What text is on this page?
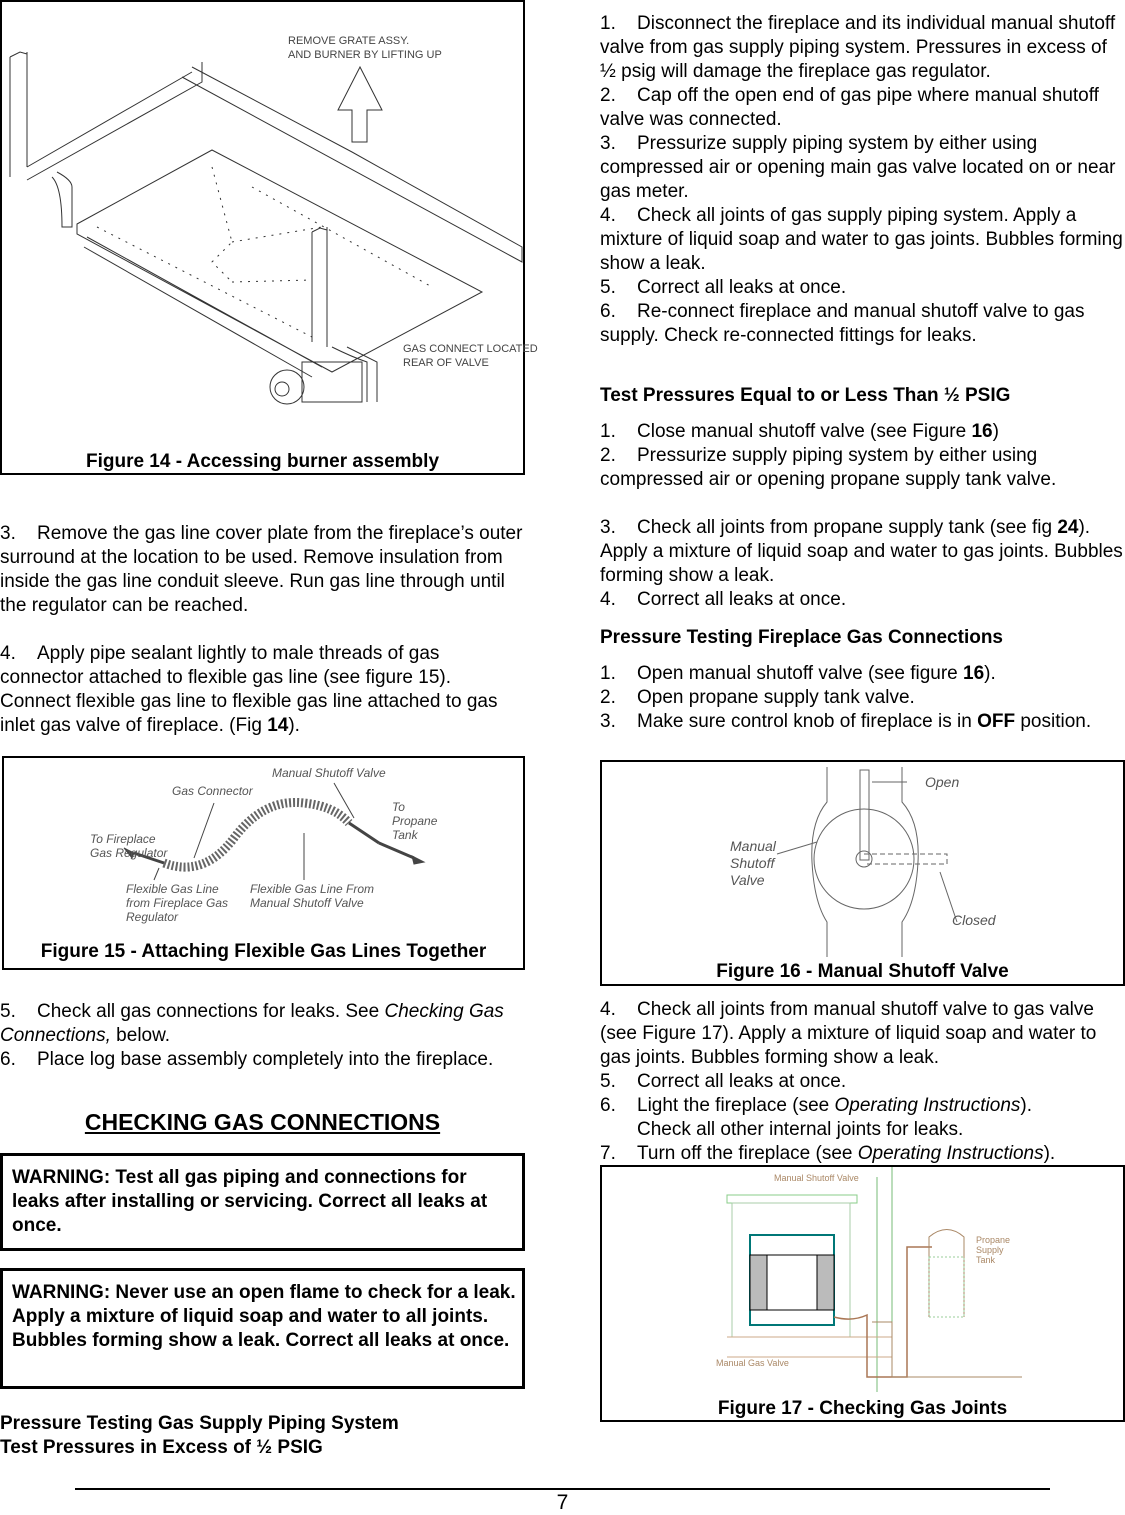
REMOVE GRATE ASSY.
AND BURNER BY LIFTING UP
GAS CONNECT LOCATED
REAR OF VALVE
Figure 14 - Accessing burner assembly
3. Remove the gas line cover plate from the fireplace’s outer surround at the location to be used. Remove insulation from inside the gas line conduit sleeve. Run gas line through until the regulator can be reached.
4. Apply pipe sealant lightly to male threads of gas connector attached to flexible gas line (see figure 15). Connect flexible gas line to flexible gas line attached to gas inlet gas valve of fireplace. (Fig 14).
Gas Connector
Manual Shutoff Valve
To Fireplace Gas Regulator
To Propane Tank
Flexible Gas Line from Fireplace Gas Regulator
Flexible Gas Line From Manual Shutoff Valve
Figure 15 - Attaching Flexible Gas Lines Together
5. Check all gas connections for leaks. See Checking Gas Connections, below.
6. Place log base assembly completely into the fireplace.
CHECKING GAS CONNECTIONS
WARNING: Test all gas piping and connections for leaks after installing or servicing. Correct all leaks at once.
WARNING: Never use an open flame to check for a leak. Apply a mixture of liquid soap and water to all joints. Bubbles forming show a leak. Correct all leaks at once.
Pressure Testing Gas Supply Piping System
Test Pressures in Excess of ½ PSIG
1. Disconnect the fireplace and its individual manual shutoff valve from gas supply piping system. Pressures in excess of ½ psig will damage the fireplace gas regulator.
2. Cap off the open end of gas pipe where manual shutoff valve was connected.
3. Pressurize supply piping system by either using compressed air or opening main gas valve located on or near gas meter.
4. Check all joints of gas supply piping system. Apply a mixture of liquid soap and water to gas joints. Bubbles forming show a leak.
5. Correct all leaks at once.
6. Re-connect fireplace and manual shutoff valve to gas supply. Check re-connected fittings for leaks.
Test Pressures Equal to or Less Than ½ PSIG
1. Close manual shutoff valve (see Figure 16)
2. Pressurize supply piping system by either using compressed air or opening propane supply tank valve.
3. Check all joints from propane supply tank (see fig 24). Apply a mixture of liquid soap and water to gas joints. Bubbles forming show a leak.
4. Correct all leaks at once.
Pressure Testing Fireplace Gas Connections
1. Open manual shutoff valve (see figure 16).
2. Open propane supply tank valve.
3. Make sure control knob of fireplace is in OFF position.
Open
Closed
Manual Shutoff Valve
Figure 16 - Manual Shutoff Valve
4. Check all joints from manual shutoff valve to gas valve (see Figure 17). Apply a mixture of liquid soap and water to gas joints. Bubbles forming show a leak.
5. Correct all leaks at once.
6. Light the fireplace (see Operating Instructions).
Check all other internal joints for leaks.
7. Turn off the fireplace (see Operating Instructions).
Manual Shutoff Valve
Propane Supply Tank
Manual Gas Valve
Figure 17 - Checking Gas Joints
7
